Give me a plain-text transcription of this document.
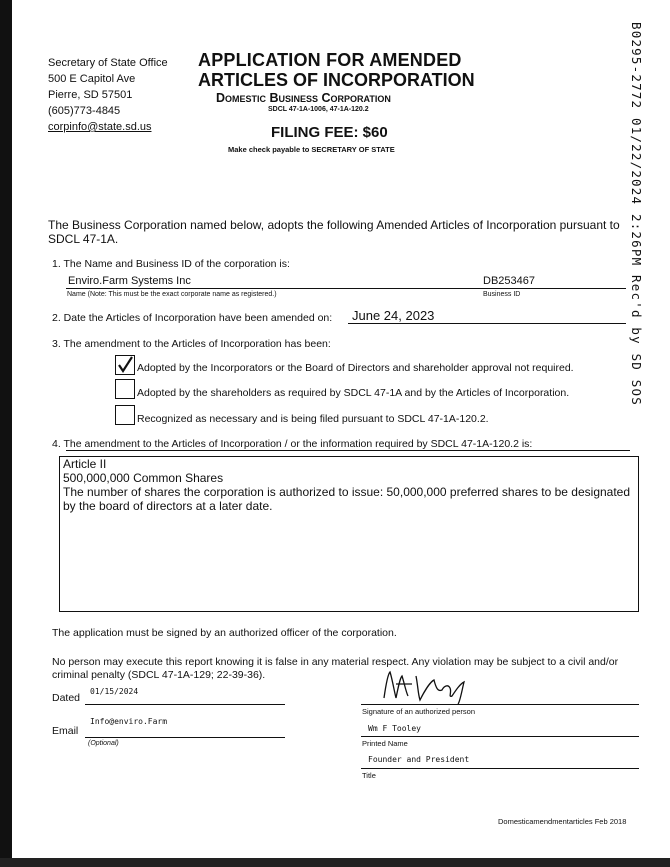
Secretary of State Office
500 E Capitol Ave
Pierre, SD 57501
(605)773-4845
corpinfo@state.sd.us
APPLICATION FOR AMENDED
ARTICLES OF INCORPORATION
Domestic Business Corporation
SDCL 47-1A-1006, 47-1A-120.2
FILING FEE: $60
Make check payable to SECRETARY OF STATE	B0295-2772 01/22/2024 2:26PM Rec'd by SD SOS
The Business Corporation named below, adopts the following Amended Articles of Incorporation pursuant to SDCL 47-1A.
1. The Name and Business ID of the corporation is:
Enviro.Farm Systems Inc	DB253467
Name (Note: This must be the exact corporate name as registered.)	Business ID
2. Date the Articles of Incorporation have been amended on: June 24, 2023
3. The amendment to the Articles of Incorporation has been:
Adopted by the Incorporators or the Board of Directors and shareholder approval not required.
Adopted by the shareholders as required by SDCL 47-1A and by the Articles of Incorporation.
Recognized as necessary and is being filed pursuant to SDCL 47-1A-120.2.
4. The amendment to the Articles of Incorporation / or the information required by SDCL 47-1A-120.2 is:
Article II
500,000,000 Common Shares
The number of shares the corporation is authorized to issue: 50,000,000 preferred shares to be designated by the board of directors at a later date.
The application must be signed by an authorized officer of the corporation.
No person may execute this report knowing it is false in any material respect. Any violation may be subject to a civil and/or criminal penalty (SDCL 47-1A-129; 22-39-36).
Dated
01/15/2024
Email
Info@enviro.Farm
(Optional)
Signature of an authorized person
Wm F Tooley
Printed Name
Founder and President
Title
Domesticamendmentarticles Feb 2018
